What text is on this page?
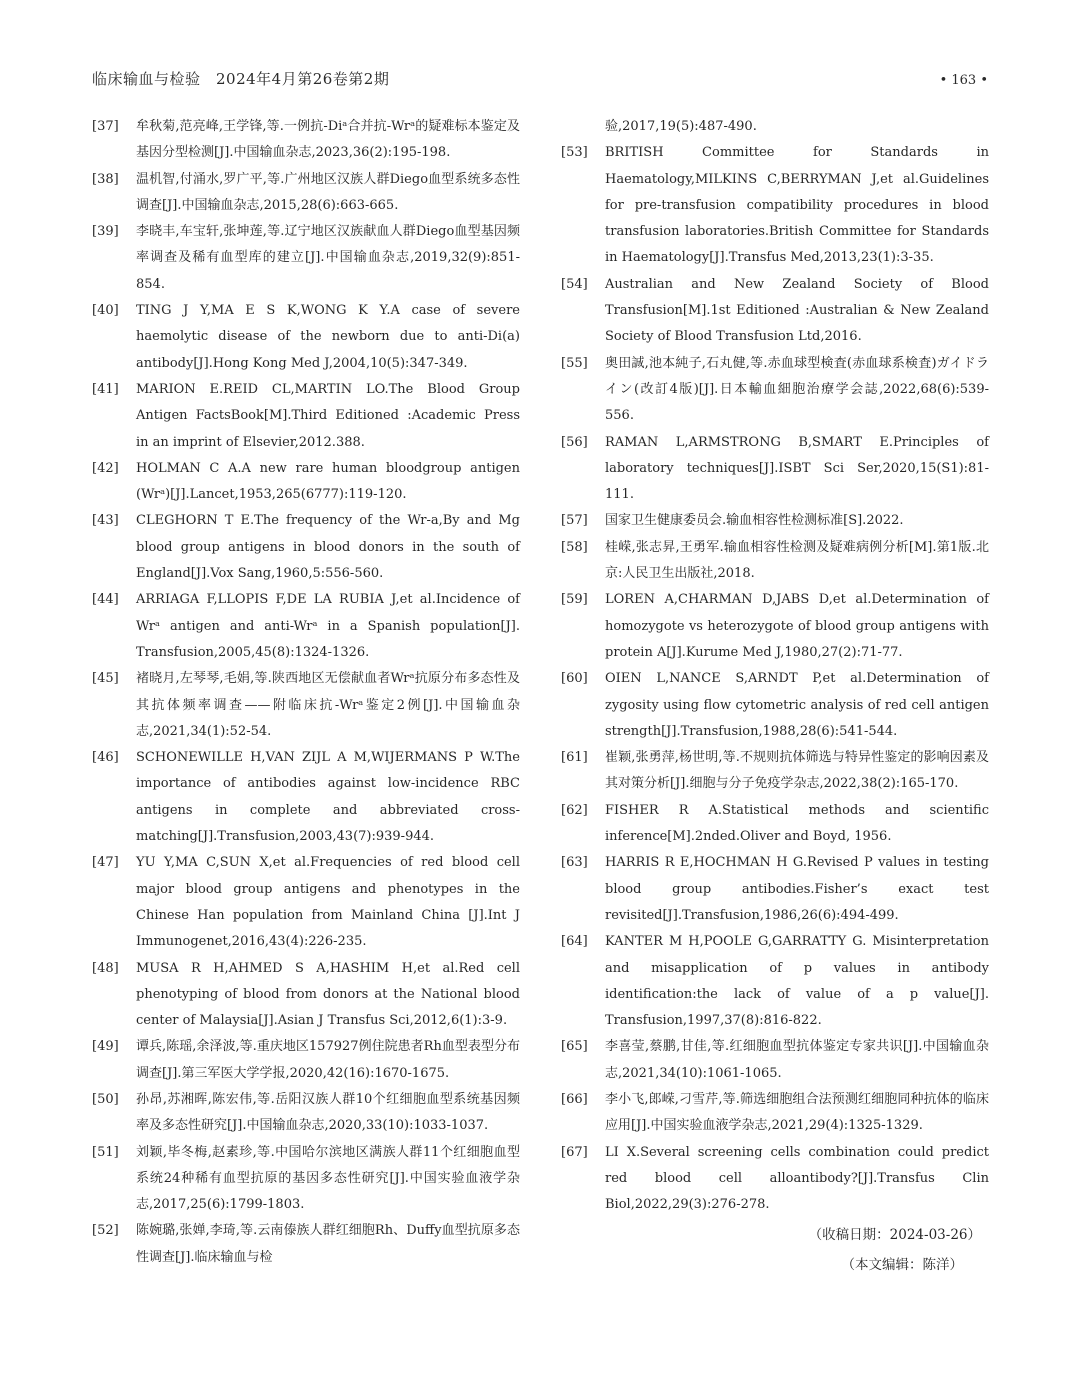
临床输血与检验　2024年4月第26卷第2期	• 163 •
[37]	牟秋菊,范亮峰,王学锋,等.一例抗-Diᵃ合并抗-Wrᵃ的疑难标本鉴定及基因分型检测[J].中国输血杂志,2023,36(2):195-198.
[38]	温机智,付涌水,罗广平,等.广州地区汉族人群Diego血型系统多态性调查[J].中国输血杂志,2015,28(6):663-665.
[39]	李晓丰,车宝轩,张坤莲,等.辽宁地区汉族献血人群Diego血型基因频率调查及稀有血型库的建立[J].中国输血杂志,2019,32(9):851-854.
[40]	TING J Y,MA E S K,WONG K Y.A case of severe haemolytic disease of the newborn due to anti-Di(a) antibody[J].Hong Kong Med J,2004,10(5):347-349.
[41]	MARION E.REID CL,MARTIN LO.The Blood Group Antigen FactsBook[M].Third Editioned :Academic Press in an imprint of Elsevier,2012.388.
[42]	HOLMAN C A.A new rare human bloodgroup antigen (Wrᵃ)[J].Lancet,1953,265(6777):119-120.
[43]	CLEGHORN T E.The frequency of the Wr-a,By and Mg blood group antigens in blood donors in the south of England[J].Vox Sang,1960,5:556-560.
[44]	ARRIAGA F,LLOPIS F,DE LA RUBIA J,et al.Incidence of Wrᵃ antigen and anti-Wrᵃ in a Spanish population[J]. Transfusion,2005,45(8):1324-1326.
[45]	褚晓月,左琴琴,毛娟,等.陕西地区无偿献血者Wrᵃ抗原分布多态性及其抗体频率调查——附临床抗-Wrᵃ鉴定2例[J].中国输血杂志,2021,34(1):52-54.
[46]	SCHONEWILLE H,VAN ZIJL A M,WIJERMANS P W.The importance of antibodies against low-incidence RBC antigens in complete and abbreviated cross-matching[J].Transfusion,2003,43(7):939-944.
[47]	YU Y,MA C,SUN X,et al.Frequencies of red blood cell major blood group antigens and phenotypes in the Chinese Han population from Mainland China [J].Int J Immunogenet,2016,43(4):226-235.
[48]	MUSA R H,AHMED S A,HASHIM H,et al.Red cell phenotyping of blood from donors at the National blood center of Malaysia[J].Asian J Transfus Sci,2012,6(1):3-9.
[49]	谭兵,陈瑶,余泽波,等.重庆地区157927例住院患者Rh血型表型分布调查[J].第三军医大学学报,2020,42(16):1670-1675.
[50]	孙昂,苏湘晖,陈宏伟,等.岳阳汉族人群10个红细胞血型系统基因频率及多态性研究[J].中国输血杂志,2020,33(10):1033-1037.
[51]	刘颖,毕冬梅,赵素珍,等.中国哈尔滨地区满族人群11个红细胞血型系统24种稀有血型抗原的基因多态性研究[J].中国实验血液学杂志,2017,25(6):1799-1803.
[52]	陈婉璐,张婵,李琦,等.云南傣族人群红细胞Rh、Duffy血型抗原多态性调查[J].临床输血与检
验,2017,19(5):487-490.
[53]	BRITISH Committee for Standards in Haematology,MILKINS C,BERRYMAN J,et al.Guidelines for pre-transfusion compatibility procedures in blood transfusion laboratories.British Committee for Standards in Haematology[J].Transfus Med,2013,23(1):3-35.
[54]	Australian and New Zealand Society of Blood Transfusion[M].1st Editioned :Australian & New Zealand Society of Blood Transfusion Ltd,2016.
[55]	奥田誠,池本純子,石丸健,等.赤血球型検査(赤血球系検査)ガイドライン(改訂4版)[J].日本輸血細胞治療学会誌,2022,68(6):539-556.
[56]	RAMAN L,ARMSTRONG B,SMART E.Principles of laboratory techniques[J].ISBT Sci Ser,2020,15(S1):81-111.
[57]	国家卫生健康委员会.输血相容性检测标准[S].2022.
[58]	桂嵘,张志昇,王勇军.输血相容性检测及疑难病例分析[M].第1版.北京:人民卫生出版社,2018.
[59]	LOREN A,CHARMAN D,JABS D,et al.Determination of homozygote vs heterozygote of blood group antigens with protein A[J].Kurume Med J,1980,27(2):71-77.
[60]	OIEN L,NANCE S,ARNDT P,et al.Determination of zygosity using flow cytometric analysis of red cell antigen strength[J].Transfusion,1988,28(6):541-544.
[61]	崔颖,张勇萍,杨世明,等.不规则抗体筛选与特异性鉴定的影响因素及其对策分析[J].细胞与分子免疫学杂志,2022,38(2):165-170.
[62]	FISHER R A.Statistical methods and scientific inference[M].2nded.Oliver and Boyd, 1956.
[63]	HARRIS R E,HOCHMAN H G.Revised P values in testing blood group antibodies.Fisher’s exact test revisited[J].Transfusion,1986,26(6):494-499.
[64]	KANTER M H,POOLE G,GARRATTY G. Misinterpretation and misapplication of p values in antibody identification:the lack of value of a p value[J]. Transfusion,1997,37(8):816-822.
[65]	李喜莹,蔡鹏,甘佳,等.红细胞血型抗体鉴定专家共识[J].中国输血杂志,2021,34(10):1061-1065.
[66]	李小飞,郎嵘,刁雪芹,等.筛选细胞组合法预测红细胞同种抗体的临床应用[J].中国实验血液学杂志,2021,29(4):1325-1329.
[67]	LI X.Several screening cells combination could predict red blood cell alloantibody?[J].Transfus Clin Biol,2022,29(3):276-278.
（收稿日期：2024-03-26）
（本文编辑：陈洋）
